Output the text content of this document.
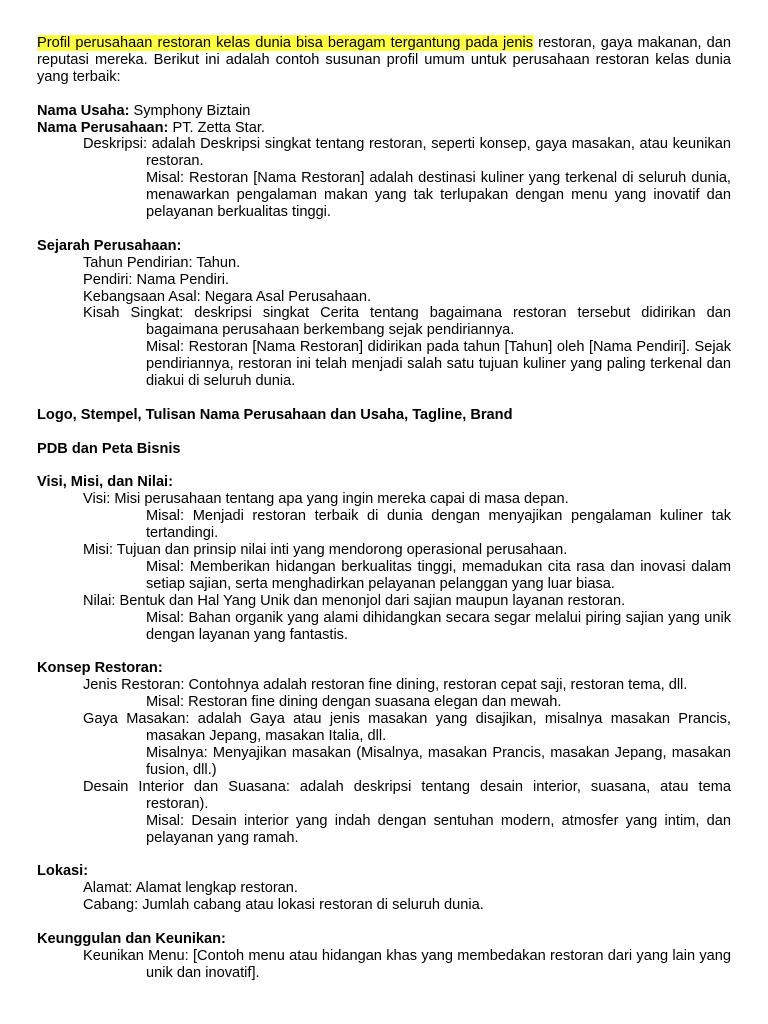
Profil perusahaan restoran kelas dunia bisa beragam tergantung pada jenis restoran, gaya makanan, dan reputasi mereka. Berikut ini adalah contoh susunan profil umum untuk perusahaan restoran kelas dunia yang terbaik:
Nama Usaha: Symphony Biztain
Nama Perusahaan: PT. Zetta Star.
Deskripsi: adalah Deskripsi singkat tentang restoran, seperti konsep, gaya masakan, atau keunikan restoran.
Misal: Restoran [Nama Restoran] adalah destinasi kuliner yang terkenal di seluruh dunia, menawarkan pengalaman makan yang tak terlupakan dengan menu yang inovatif dan pelayanan berkualitas tinggi.
Sejarah Perusahaan:
Tahun Pendirian: Tahun.
Pendiri: Nama Pendiri.
Kebangsaan Asal: Negara Asal Perusahaan.
Kisah Singkat: deskripsi singkat Cerita tentang bagaimana restoran tersebut didirikan dan bagaimana perusahaan berkembang sejak pendiriannya.
Misal: Restoran [Nama Restoran] didirikan pada tahun [Tahun] oleh [Nama Pendiri]. Sejak pendiriannya, restoran ini telah menjadi salah satu tujuan kuliner yang paling terkenal dan diakui di seluruh dunia.
Logo, Stempel, Tulisan Nama Perusahaan dan Usaha, Tagline, Brand
PDB dan Peta Bisnis
Visi, Misi, dan Nilai:
Visi: Misi perusahaan tentang apa yang ingin mereka capai di masa depan.
Misal: Menjadi restoran terbaik di dunia dengan menyajikan pengalaman kuliner tak tertandingi.
Misi: Tujuan dan prinsip nilai inti yang mendorong operasional perusahaan.
Misal: Memberikan hidangan berkualitas tinggi, memadukan cita rasa dan inovasi dalam setiap sajian, serta menghadirkan pelayanan pelanggan yang luar biasa.
Nilai: Bentuk dan Hal Yang Unik dan menonjol dari sajian maupun layanan restoran.
Misal: Bahan organik yang alami dihidangkan secara segar melalui piring sajian yang unik dengan layanan yang fantastis.
Konsep Restoran:
Jenis Restoran: Contohnya adalah restoran fine dining, restoran cepat saji, restoran tema, dll.
Misal: Restoran fine dining dengan suasana elegan dan mewah.
Gaya Masakan: adalah Gaya atau jenis masakan yang disajikan, misalnya masakan Prancis, masakan Jepang, masakan Italia, dll.
Misalnya: Menyajikan masakan (Misalnya, masakan Prancis, masakan Jepang, masakan fusion, dll.)
Desain Interior dan Suasana: adalah deskripsi tentang desain interior, suasana, atau tema restoran).
Misal: Desain interior yang indah dengan sentuhan modern, atmosfer yang intim, dan pelayanan yang ramah.
Lokasi:
Alamat: Alamat lengkap restoran.
Cabang: Jumlah cabang atau lokasi restoran di seluruh dunia.
Keunggulan dan Keunikan:
Keunikan Menu: [Contoh menu atau hidangan khas yang membedakan restoran dari yang lain yang unik dan inovatif].
